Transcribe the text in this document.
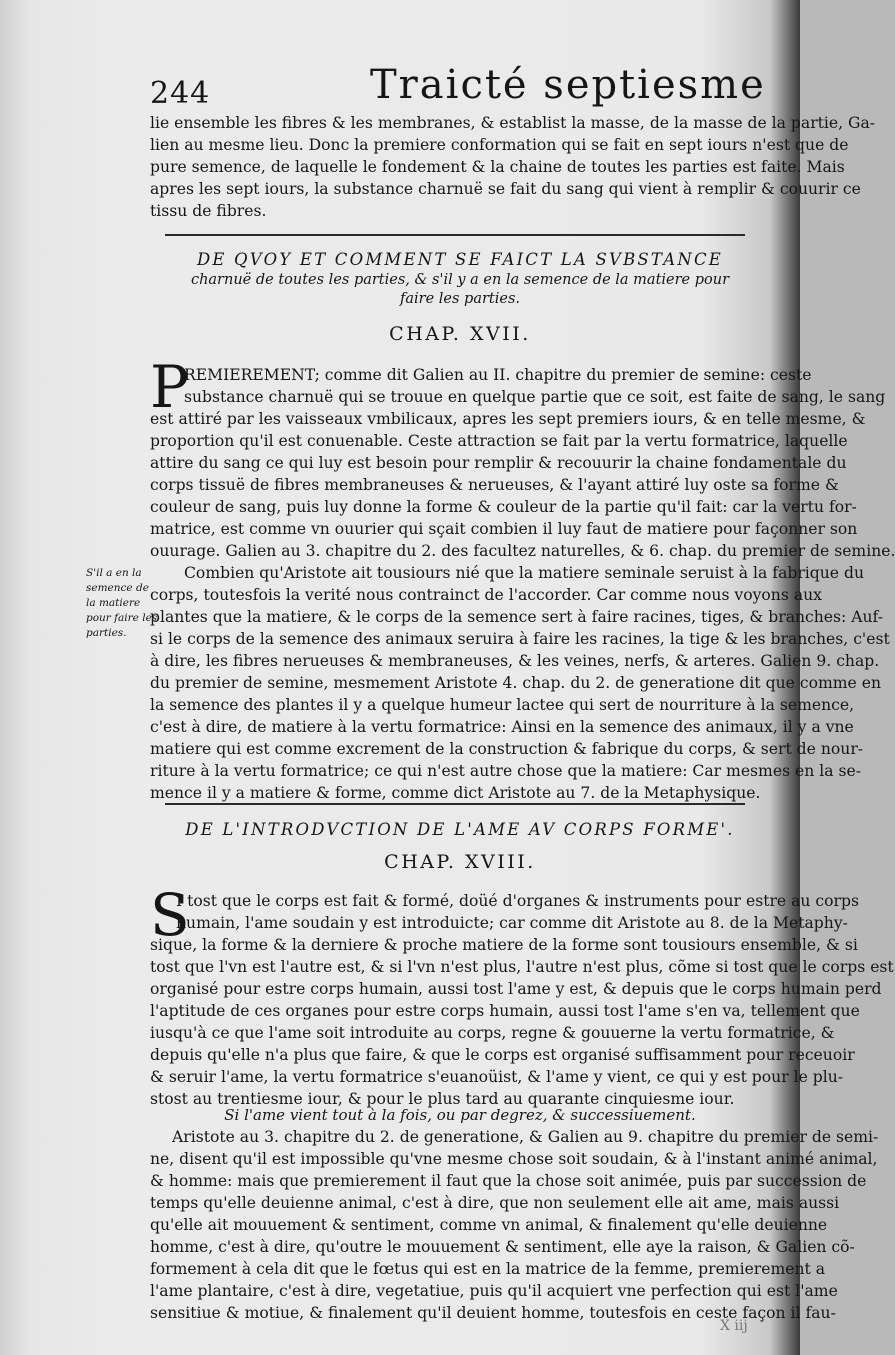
244	Traicté septiesme
lie ensemble les fibres & les membranes, & establist la masse, de la masse de la partie, Ga-
lien au mesme lieu. Donc la premiere conformation qui se fait en sept iours n'est que de
pure semence, de laquelle le fondement & la chaine de toutes les parties est faite. Mais
apres les sept iours, la substance charnuë se fait du sang qui vient à remplir & couurir ce
tissu de fibres.
DE QVOY ET COMMENT SE FAICT LA SVBSTANCE
charnuë de toutes les parties, & s'il y a en la semence de la matiere pour
faire les parties.
CHAP. XVII.
P
REMIEREMENT; comme dit Galien au II. chapitre du premier de semine: ceste
substance charnuë qui se trouue en quelque partie que ce soit, est faite de sang, le sang
est attiré par les vaisseaux vmbilicaux, apres les sept premiers iours, & en telle mesme, &
proportion qu'il est conuenable. Ceste attraction se fait par la vertu formatrice, laquelle
attire du sang ce qui luy est besoin pour remplir & recouurir la chaine fondamentale du
corps tissuë de fibres membraneuses & nerueuses, & l'ayant attiré luy oste sa forme &
couleur de sang, puis luy donne la forme & couleur de la partie qu'il fait: car la vertu for-
matrice, est comme vn ouurier qui sçait combien il luy faut de matiere pour façonner son
ouurage. Galien au 3. chapitre du 2. des facultez naturelles, & 6. chap. du premier de semine.
Combien qu'Aristote ait tousiours nié que la matiere seminale seruist à la fabrique du
corps, toutesfois la verité nous contrainct de l'accorder. Car comme nous voyons aux
plantes que la matiere, & le corps de la semence sert à faire racines, tiges, & branches: Auf-
si le corps de la semence des animaux seruira à faire les racines, la tige & les branches, c'est
à dire, les fibres nerueuses & membraneuses, & les veines, nerfs, & arteres. Galien 9. chap.
du premier de semine, mesmement Aristote 4. chap. du 2. de generatione dit que comme en
la semence des plantes il y a quelque humeur lactee qui sert de nourriture à la semence,
c'est à dire, de matiere à la vertu formatrice: Ainsi en la semence des animaux, il y a vne
matiere qui est comme excrement de la construction & fabrique du corps, & sert de nour-
riture à la vertu formatrice; ce qui n'est autre chose que la matiere: Car mesmes en la se-
mence il y a matiere & forme, comme dict Aristote au 7. de la Metaphysique.
S'il a en la
semence de
la matiere
pour faire les
parties.
DE L'INTRODVCTION DE L'AME AV CORPS FORME'.
CHAP. XVIII.
S
I tost que le corps est fait & formé, doüé d'organes & instruments pour estre au corps
humain, l'ame soudain y est introduicte; car comme dit Aristote au 8. de la Metaphy-
sique, la forme & la derniere & proche matiere de la forme sont tousiours ensemble, & si
tost que l'vn est l'autre est, & si l'vn n'est plus, l'autre n'est plus, cõme si tost que le corps est
organisé pour estre corps humain, aussi tost l'ame y est, & depuis que le corps humain perd
l'aptitude de ces organes pour estre corps humain, aussi tost l'ame s'en va, tellement que
iusqu'à ce que l'ame soit introduite au corps, regne & gouuerne la vertu formatrice, &
depuis qu'elle n'a plus que faire, & que le corps est organisé suffisamment pour receuoir
& seruir l'ame, la vertu formatrice s'euanoüist, & l'ame y vient, ce qui y est pour le plu-
stost au trentiesme iour, & pour le plus tard au quarante cinquiesme iour.
Si l'ame vient tout à la fois, ou par degrez, & successiuement.
Aristote au 3. chapitre du 2. de generatione, & Galien au 9. chapitre du premier de semi-
ne, disent qu'il est impossible qu'vne mesme chose soit soudain, & à l'instant animé animal,
& homme: mais que premierement il faut que la chose soit animée, puis par succession de
temps qu'elle deuienne animal, c'est à dire, que non seulement elle ait ame, mais aussi
qu'elle ait mouuement & sentiment, comme vn animal, & finalement qu'elle deuienne
homme, c'est à dire, qu'outre le mouuement & sentiment, elle aye la raison, & Galien cõ-
formement à cela dit que le fœtus qui est en la matrice de la femme, premierement a
l'ame plantaire, c'est à dire, vegetatiue, puis qu'il acquiert vne perfection qui est l'ame
sensitiue & motiue, & finalement qu'il deuient homme, toutesfois en ceste façon il fau-
X iij
